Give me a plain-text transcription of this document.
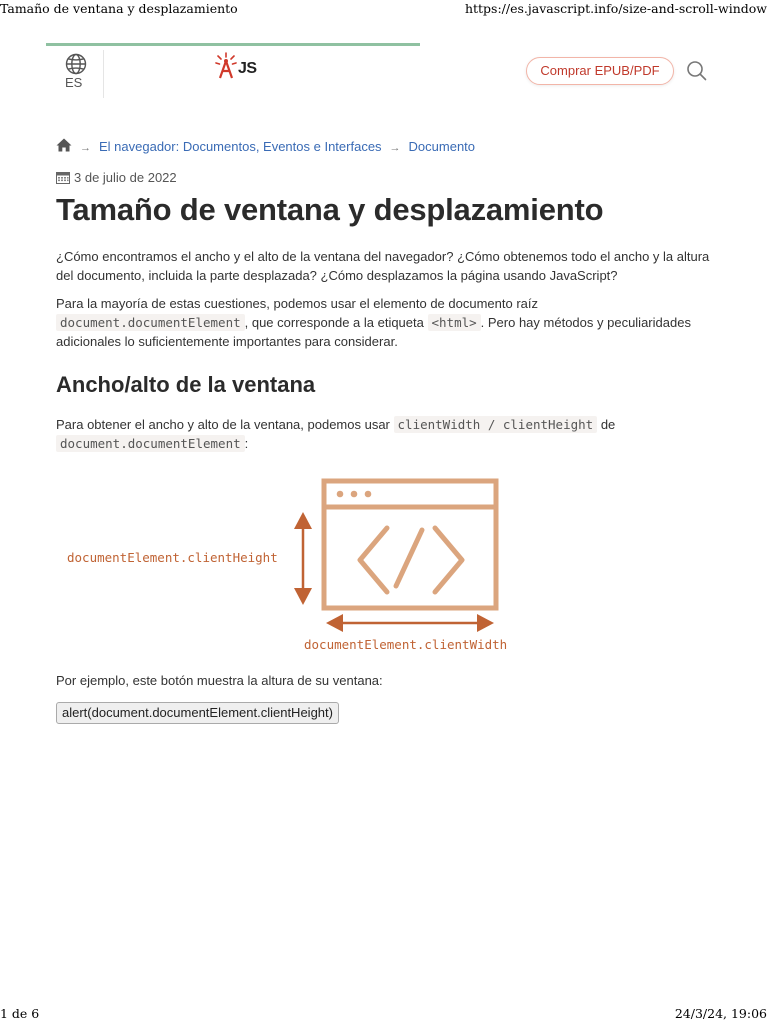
Tamaño de ventana y desplazamiento	https://es.javascript.info/size-and-scroll-window
ES
JS	Comprar EPUB/PDF
→ El navegador: Documentos, Eventos e Interfaces → Documento
3 de julio de 2022
Tamaño de ventana y desplazamiento

¿Cómo encontramos el ancho y el alto de la ventana del navegador? ¿Cómo obtenemos todo el ancho y la altura del documento, incluida la parte desplazada? ¿Cómo desplazamos la página usando JavaScript?

Para la mayoría de estas cuestiones, podemos usar el elemento de documento raíz
document.documentElement , que corresponde a la etiqueta <html> . Pero hay métodos y peculiaridades adicionales lo suficientemente importantes para considerar.

Ancho/alto de la ventana

Para obtener el ancho y alto de la ventana, podemos usar clientWidth / clientHeight de
document.documentElement :

documentElement.clientHeight
documentElement.clientWidth

Por ejemplo, este botón muestra la altura de su ventana:

alert(document.documentElement.clientHeight)
1 de 6	24/3/24, 19:06
